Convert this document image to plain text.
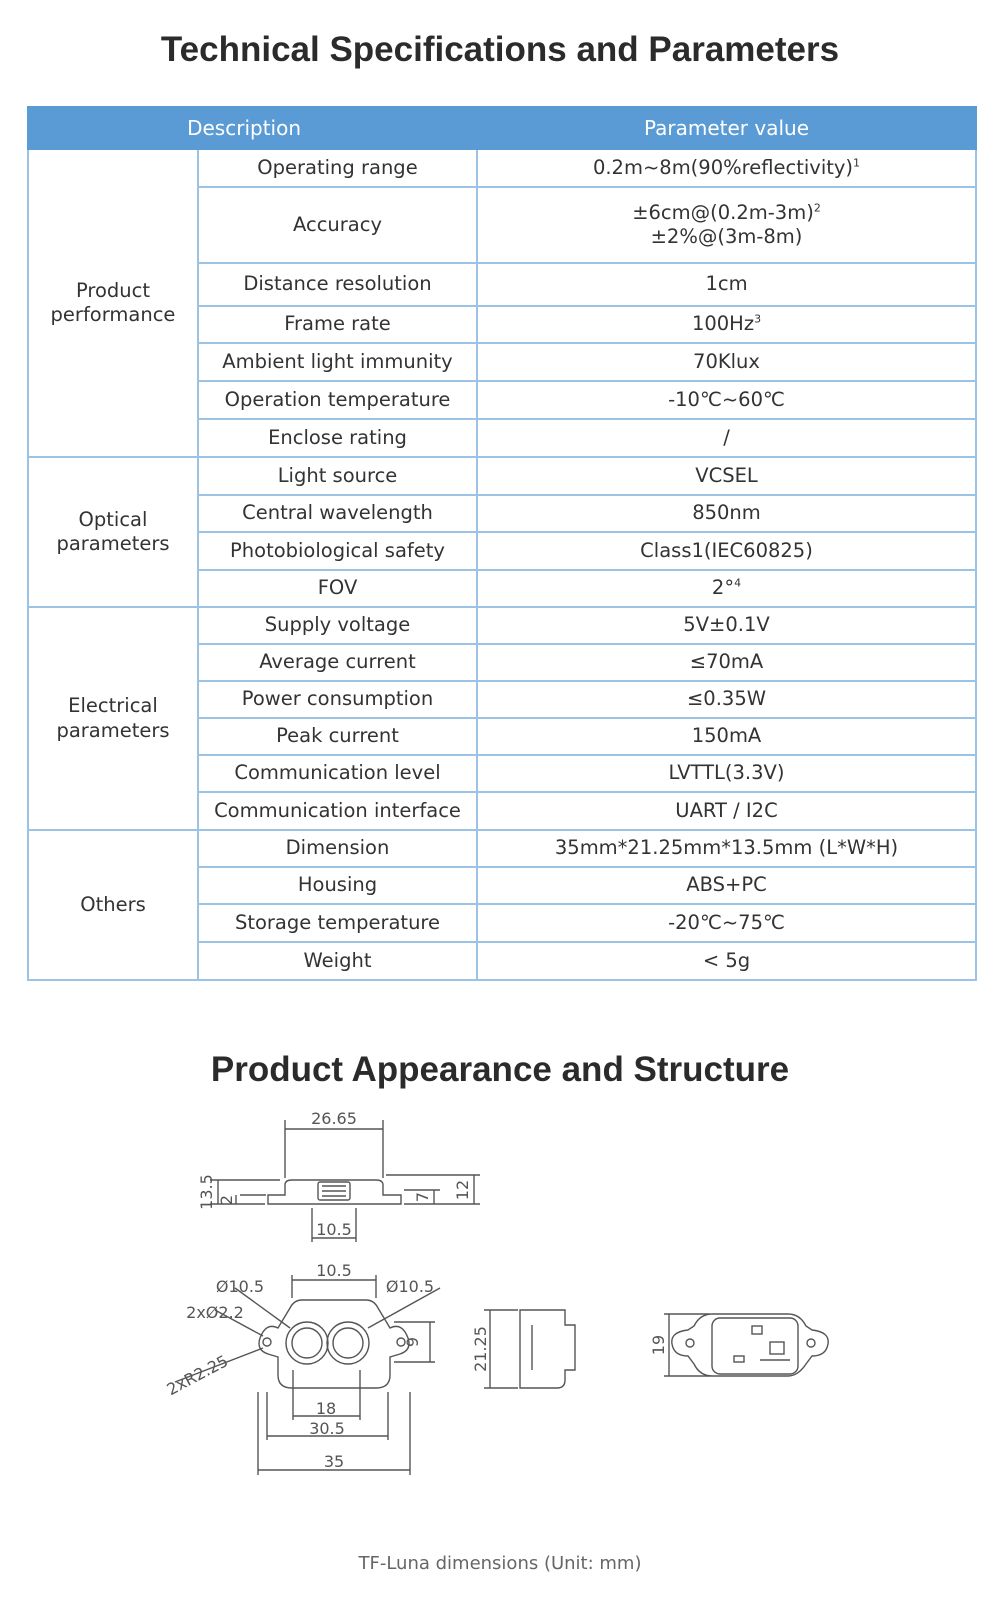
Technical Specifications and Parameters
Description		Parameter value
Product performance	Operating range	0.2m~8m(90%reflectivity)$^1$
	Accuracy	$\pm 6cm@(0.2m-3m)^2$
±2%@(3m-8m)
	Distance resolution	1cm
	Frame rate	100Hz$^3$
	Ambient light immunity	70Klux
	Operation temperature	-10℃~60℃
	Enclose rating	/
Optical parameters	Light source	VCSEL
	Central wavelength	850nm
	Photobiological safety	Class1(IEC60825)
	FOV	2°$^4$
Electrical parameters	Supply voltage	5V±0.1V
	Average current	≤70mA
	Power consumption	≤0.35W
	Peak current	150mA
	Communication level	LVTTL(3.3V)
	Communication interface	UART / I2C
Others	Dimension	35mm*21.25mm*13.5mm (L*W*H)
	Housing	ABS+PC
	Storage temperature	-20℃~75℃
	Weight	< 5g
Product Appearance and Structure
26.65
13.5 2	7 12
10.5
10.5
Ø10.5	Ø10.5
2xØ2.2
2xR2.25
9
18
30.5
35
21.25	19
TF-Luna dimensions (Unit: mm)
